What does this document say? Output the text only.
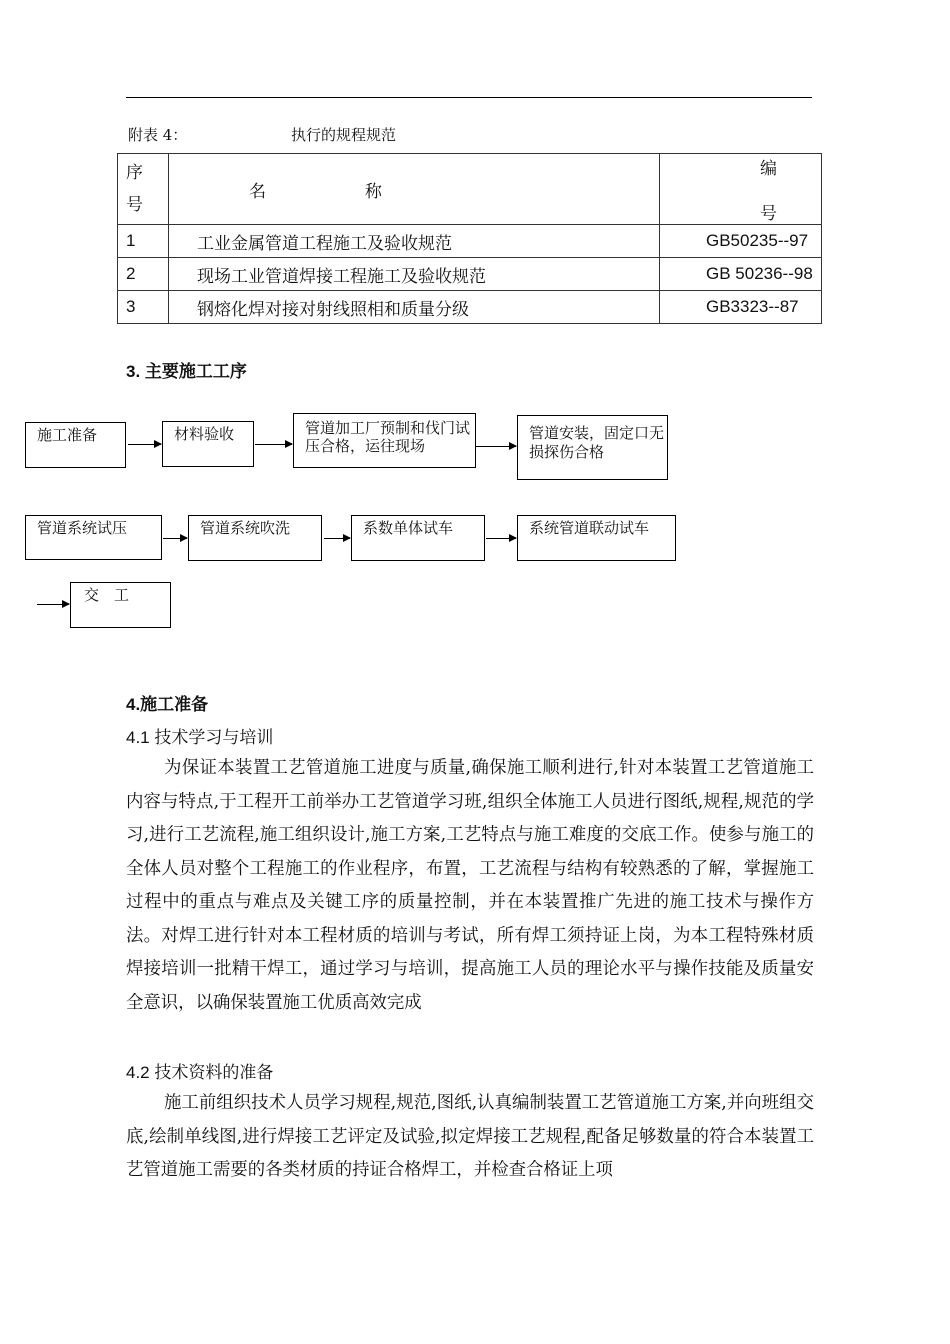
附表 4：	执行的规程规范
序号	名 称	编  号
1	工业金属管道工程施工及验收规范	GB50235--97
2	现场工业管道焊接工程施工及验收规范	GB 50236--98
3	钢熔化焊对接对射线照相和质量分级	GB3323--87
3. 主要施工工序
施工准备	材料验收	管道加工厂预制和伐门试压合格，运往现场
管道安装，固定口无损探伤合格
管道系统试压	管道系统吹洗	系数单体试车	系统管道联动试车
交　工
4.施工准备
4.1 技术学习与培训
为保证本装置工艺管道施工进度与质量,确保施工顺利进行,针对本装置工艺管道施工内容与特点,于工程开工前举办工艺管道学习班,组织全体施工人员进行图纸,规程,规范的学习,进行工艺流程,施工组织设计,施工方案,工艺特点与施工难度的交底工作。使参与施工的全体人员对整个工程施工的作业程序，布置，工艺流程与结构有较熟悉的了解，掌握施工过程中的重点与难点及关键工序的质量控制，并在本装置推广先进的施工技术与操作方法。对焊工进行针对本工程材质的培训与考试，所有焊工须持证上岗，为本工程特殊材质焊接培训一批精干焊工，通过学习与培训，提高施工人员的理论水平与操作技能及质量安全意识，以确保装置施工优质高效完成
4.2 技术资料的准备
施工前组织技术人员学习规程,规范,图纸,认真编制装置工艺管道施工方案,并向班组交底,绘制单线图,进行焊接工艺评定及试验,拟定焊接工艺规程,配备足够数量的符合本装置工艺管道施工需要的各类材质的持证合格焊工，并检查合格证上项
